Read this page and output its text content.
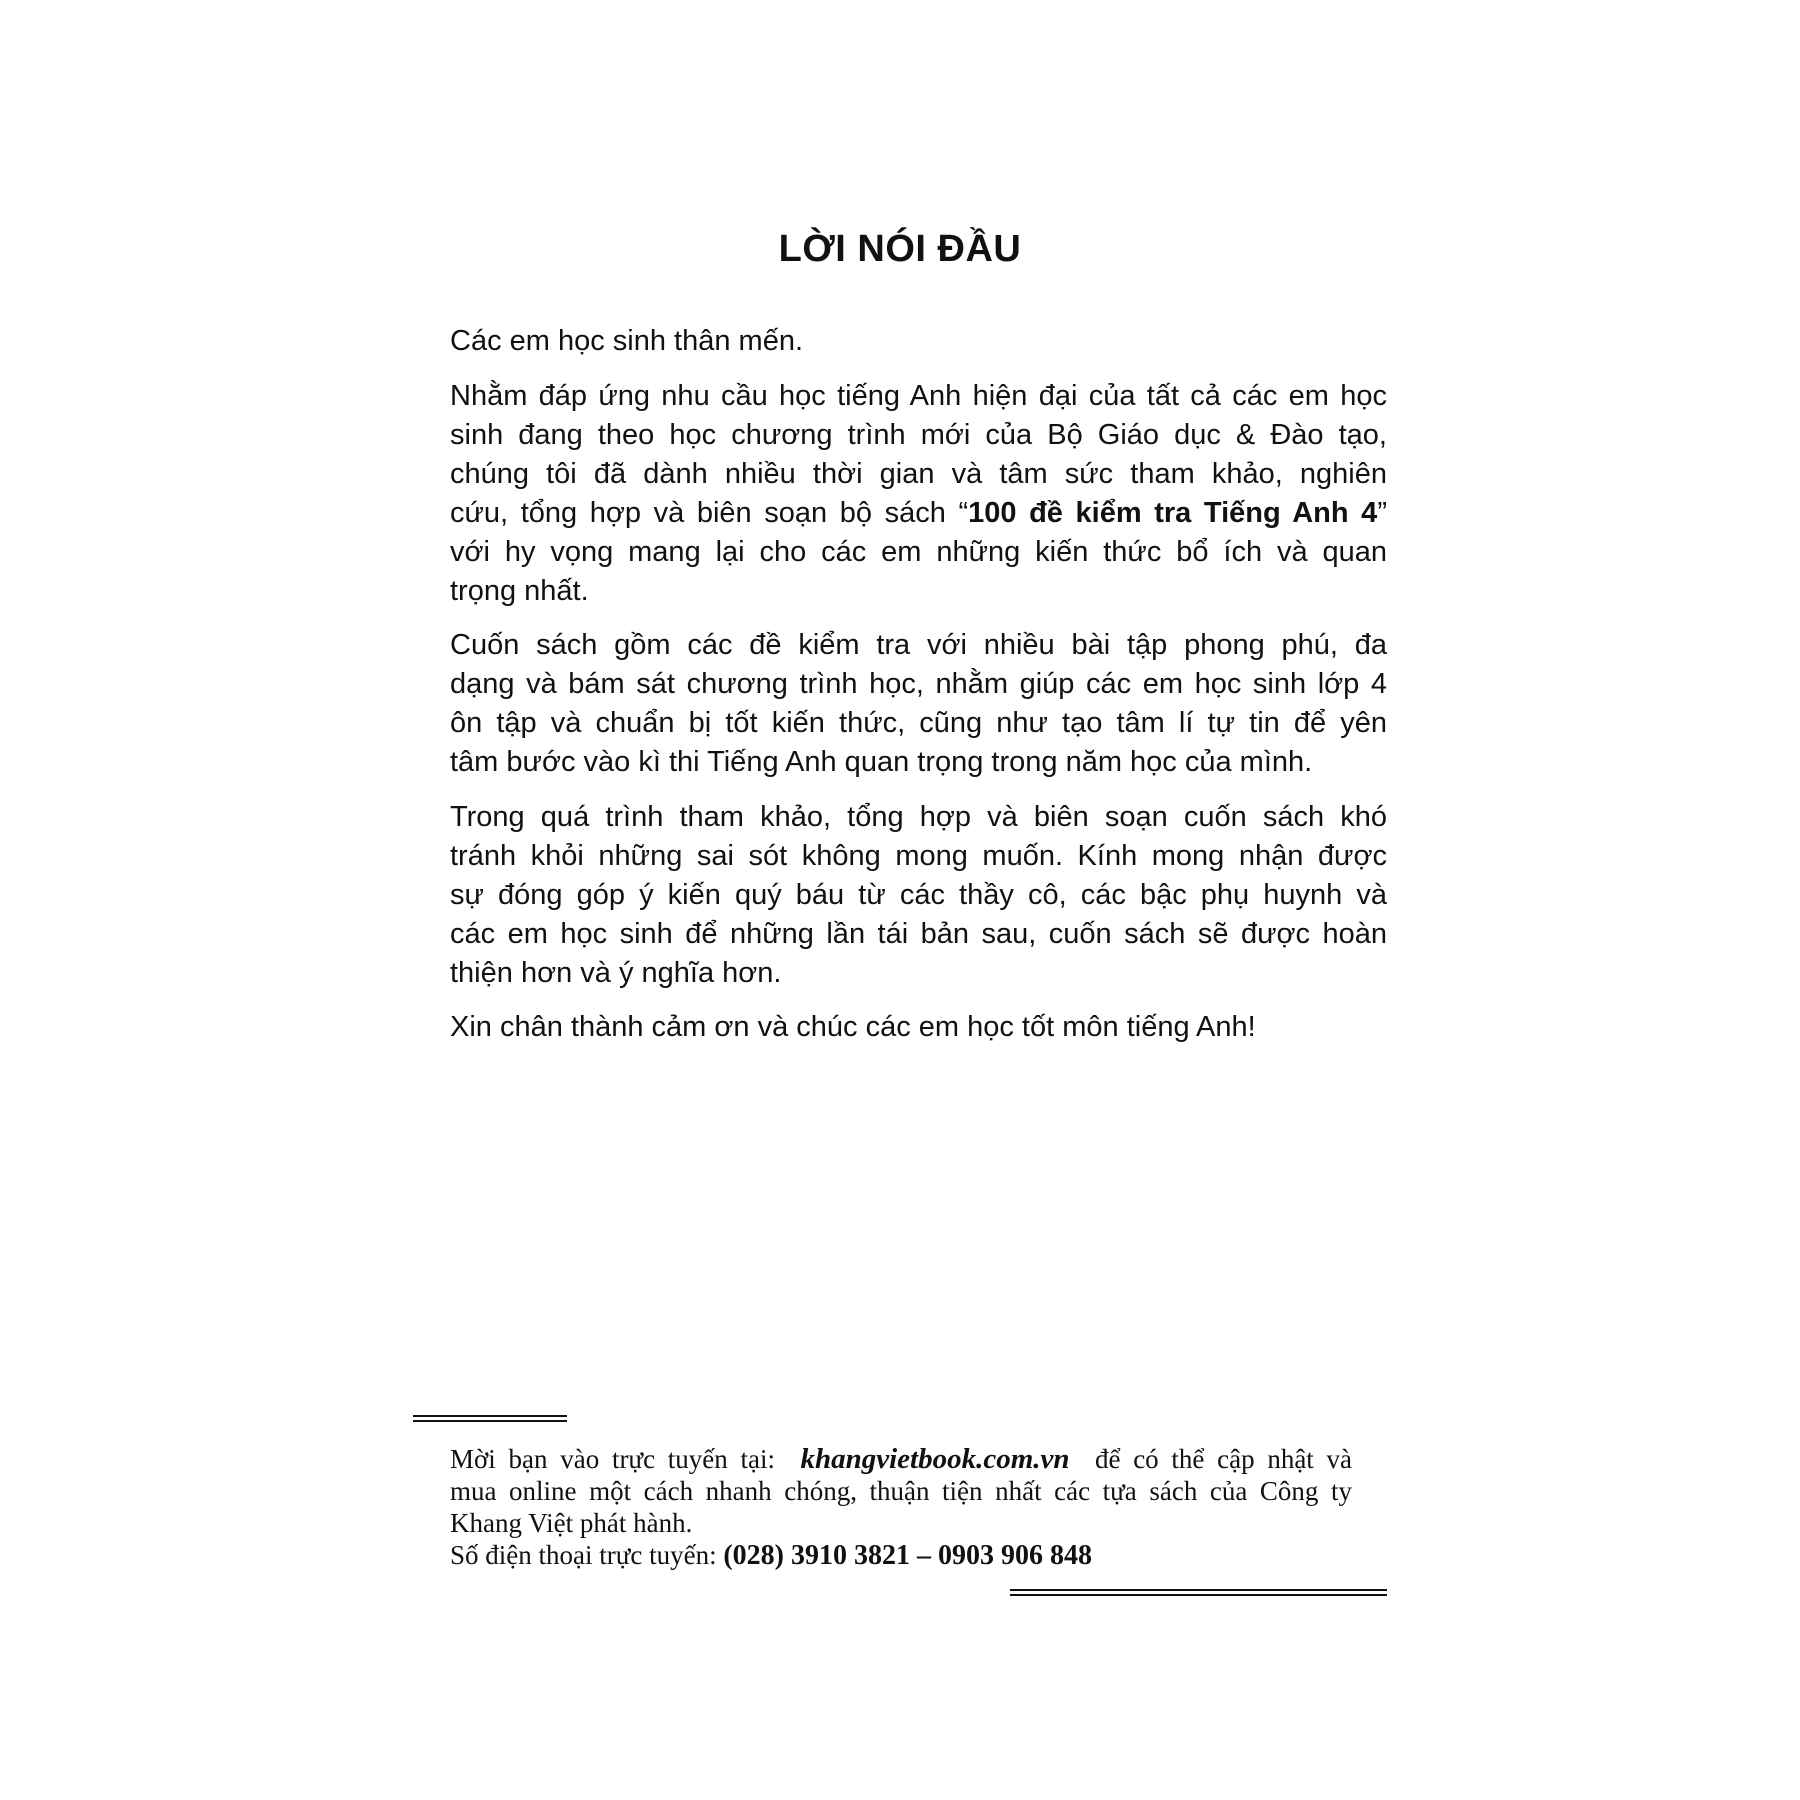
LỜI NÓI ĐẦU
Các em học sinh thân mến.
Nhằm đáp ứng nhu cầu học tiếng Anh hiện đại của tất cả các em học
sinh đang theo học chương trình mới của Bộ Giáo dục & Đào tạo,
chúng tôi đã dành nhiều thời gian và tâm sức tham khảo, nghiên
cứu, tổng hợp và biên soạn bộ sách “100 đề kiểm tra Tiếng Anh 4”
với hy vọng mang lại cho các em những kiến thức bổ ích và quan
trọng nhất.
Cuốn sách gồm các đề kiểm tra với nhiều bài tập phong phú, đa
dạng và bám sát chương trình học, nhằm giúp các em học sinh lớp 4
ôn tập và chuẩn bị tốt kiến thức, cũng như tạo tâm lí tự tin để yên
tâm bước vào kì thi Tiếng Anh quan trọng trong năm học của mình.
Trong quá trình tham khảo, tổng hợp và biên soạn cuốn sách khó
tránh khỏi những sai sót không mong muốn. Kính mong nhận được
sự đóng góp ý kiến quý báu từ các thầy cô, các bậc phụ huynh và
các em học sinh để những lần tái bản sau, cuốn sách sẽ được hoàn
thiện hơn và ý nghĩa hơn.
Xin chân thành cảm ơn và chúc các em học tốt môn tiếng Anh!
Mời bạn vào trực tuyến tại: khangvietbook.com.vn để có thể cập nhật và
mua online một cách nhanh chóng, thuận tiện nhất các tựa sách của Công ty
Khang Việt phát hành.
Số điện thoại trực tuyến: (028) 3910 3821 – 0903 906 848
